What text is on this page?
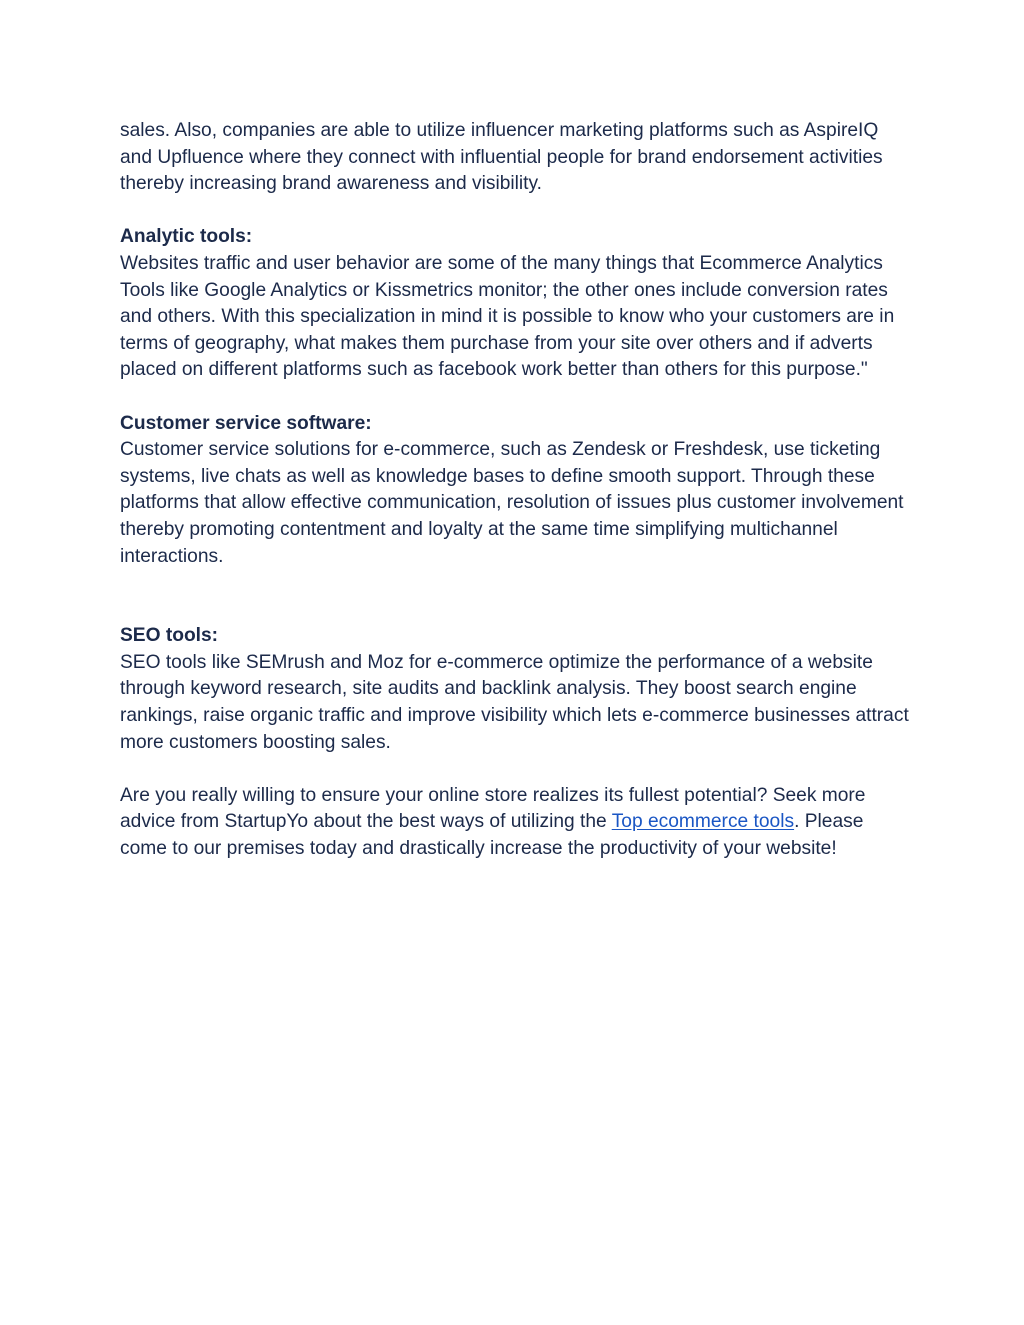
sales. Also, companies are able to utilize influencer marketing platforms such as AspireIQ and Upfluence where they connect with influential people for brand endorsement activities thereby increasing brand awareness and visibility.

Analytic tools:
Websites traffic and user behavior are some of the many things that Ecommerce Analytics Tools like Google Analytics or Kissmetrics monitor; the other ones include conversion rates and others. With this specialization in mind it is possible to know who your customers are in terms of geography, what makes them purchase from your site over others and if adverts placed on different platforms such as facebook work better than others for this purpose."
Customer service software:
Customer service solutions for e-commerce, such as Zendesk or Freshdesk, use ticketing systems, live chats as well as knowledge bases to define smooth support. Through these platforms that allow effective communication, resolution of issues plus customer involvement thereby promoting contentment and loyalty at the same time simplifying multichannel interactions.
SEO tools:
SEO tools like SEMrush and Moz for e-commerce optimize the performance of a website through keyword research, site audits and backlink analysis. They boost search engine rankings, raise organic traffic and improve visibility which lets e-commerce businesses attract more customers boosting sales.

Are you really willing to ensure your online store realizes its fullest potential? Seek more advice from StartupYo about the best ways of utilizing the Top ecommerce tools. Please come to our premises today and drastically increase the productivity of your website!
